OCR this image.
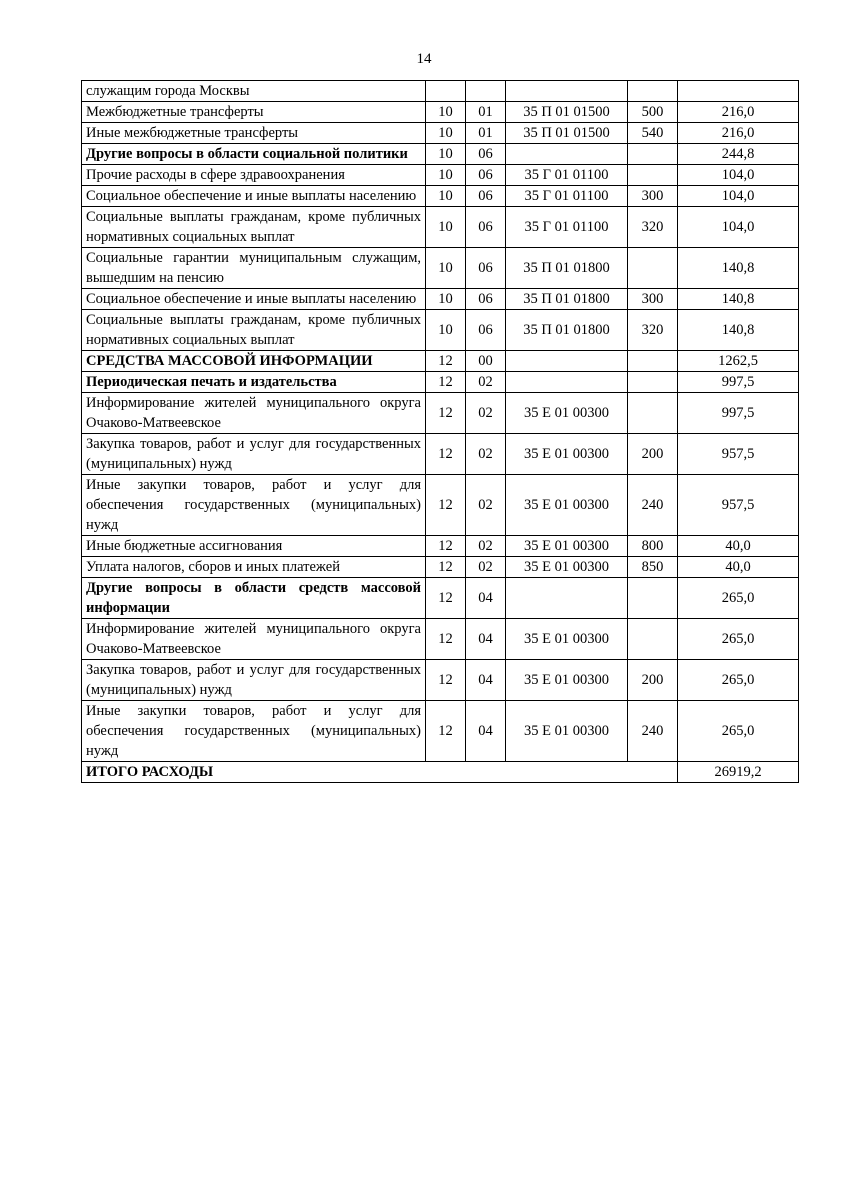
14
служащим города Москвы					
Межбюджетные трансферты	10	01	35 П 01 01500	500	216,0
Иные межбюджетные трансферты	10	01	35 П 01 01500	540	216,0
Другие вопросы в области социальной политики	10	06			244,8
Прочие расходы в сфере здравоохранения	10	06	35 Г 01 01100		104,0
Социальное обеспечение и иные выплаты населению	10	06	35 Г 01 01100	300	104,0
Социальные выплаты гражданам, кроме публичных нормативных социальных выплат	10	06	35 Г 01 01100	320	104,0
Социальные гарантии муниципальным служащим, вышедшим на пенсию	10	06	35 П 01 01800		140,8
Социальное обеспечение и иные выплаты населению	10	06	35 П 01 01800	300	140,8
Социальные выплаты гражданам, кроме публичных нормативных социальных выплат	10	06	35 П 01 01800	320	140,8
СРЕДСТВА МАССОВОЙ ИНФОРМАЦИИ	12	00			1262,5
Периодическая печать и издательства	12	02			997,5
Информирование жителей муниципального округа Очаково-Матвеевское	12	02	35 Е 01 00300		997,5
Закупка товаров, работ и услуг для государственных (муниципальных) нужд	12	02	35 Е 01 00300	200	957,5
Иные закупки товаров, работ и услуг для обеспечения государственных (муниципальных) нужд	12	02	35 Е 01 00300	240	957,5
Иные бюджетные ассигнования	12	02	35 Е 01 00300	800	40,0
Уплата налогов, сборов и иных платежей	12	02	35 Е 01 00300	850	40,0
Другие вопросы в области средств массовой информации	12	04			265,0
Информирование жителей муниципального округа Очаково-Матвеевское	12	04	35 Е 01 00300		265,0
Закупка товаров, работ и услуг для государственных (муниципальных) нужд	12	04	35 Е 01 00300	200	265,0
Иные закупки товаров, работ и услуг для обеспечения государственных (муниципальных) нужд	12	04	35 Е 01 00300	240	265,0
ИТОГО РАСХОДЫ					26919,2
